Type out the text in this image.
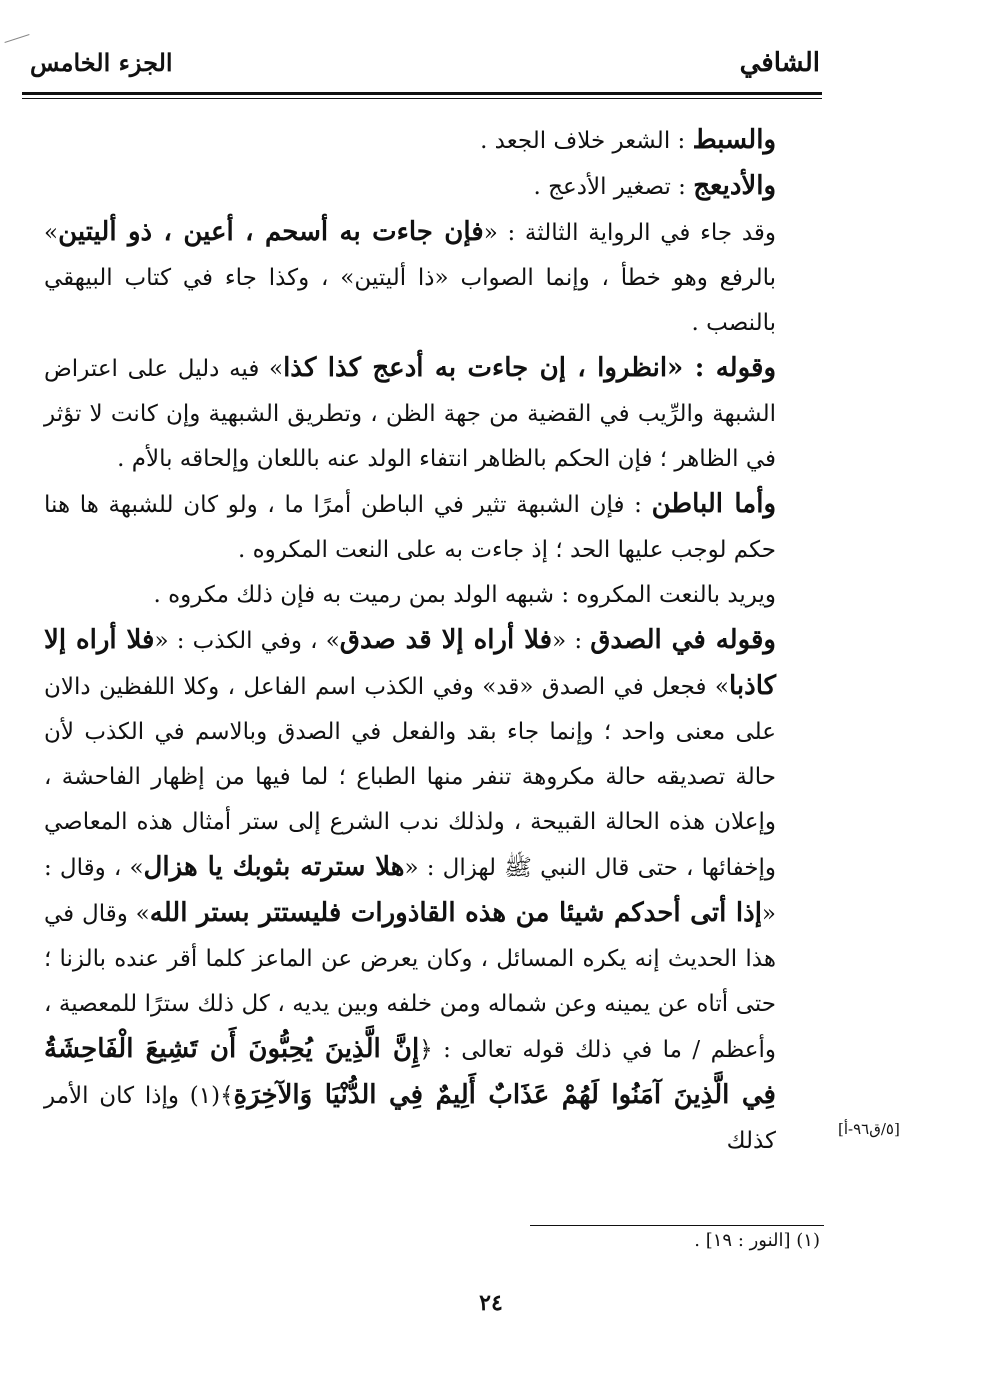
الشافي
الجزء الخامس

والسبط : الشعر خلاف الجعد .

والأديعج : تصغير الأدعج .

وقد جاء في الرواية الثالثة : «فإن جاءت به أسحم ، أعين ، ذو أليتين» بالرفع وهو خطأ ، وإنما الصواب «ذا أليتين» ، وكذا جاء في كتاب البيهقي بالنصب .

وقوله : «انظروا ، إن جاءت به أدعج كذا كذا» فيه دليل على اعتراض الشبهة والرِّيب في القضية من جهة الظن ، وتطريق الشبهية وإن كانت لا تؤثر في الظاهر ؛ فإن الحكم بالظاهر انتفاء الولد عنه باللعان وإلحاقه بالأم .

وأما الباطن : فإن الشبهة تثير في الباطن أمرًا ما ، ولو كان للشبهة ها هنا حكم لوجب عليها الحد ؛ إذ جاءت به على النعت المكروه .

ويريد بالنعت المكروه : شبهه الولد بمن رميت به فإن ذلك مكروه .

وقوله في الصدق : «فلا أراه إلا قد صدق» ، وفي الكذب : «فلا أراه إلا كاذبا» فجعل في الصدق «قد» وفي الكذب اسم الفاعل ، وكلا اللفظين دالان على معنى واحد ؛ وإنما جاء بقد والفعل في الصدق وبالاسم في الكذب لأن حالة تصديقه حالة مكروهة تنفر منها الطباع ؛ لما فيها من إظهار الفاحشة ، وإعلان هذه الحالة القبيحة ، ولذلك ندب الشرع إلى ستر أمثال هذه المعاصي وإخفائها ، حتى قال النبي ﷺ لهزال : «هلا سترته بثوبك يا هزال» ، وقال : «إذا أتى أحدكم شيئا من هذه القاذورات فليستتر بستر الله» وقال في هذا الحديث إنه يكره المسائل ، وكان يعرض عن الماعز كلما أقر عنده بالزنا ؛ حتى أتاه عن يمينه وعن شماله ومن خلفه وبين يديه ، كل ذلك سترًا للمعصية ، وأعظم / ما في ذلك قوله تعالى : ﴿إِنَّ الَّذِينَ يُحِبُّونَ أَن تَشِيعَ الْفَاحِشَةُ فِي الَّذِينَ آمَنُوا لَهُمْ عَذَابٌ أَلِيمٌ فِي الدُّنْيَا وَالآخِرَةِ﴾(١) وإذا كان الأمر كذلك	[٥/ق٩٦-أ]
(١) [النور : ١٩] .
٢٤
